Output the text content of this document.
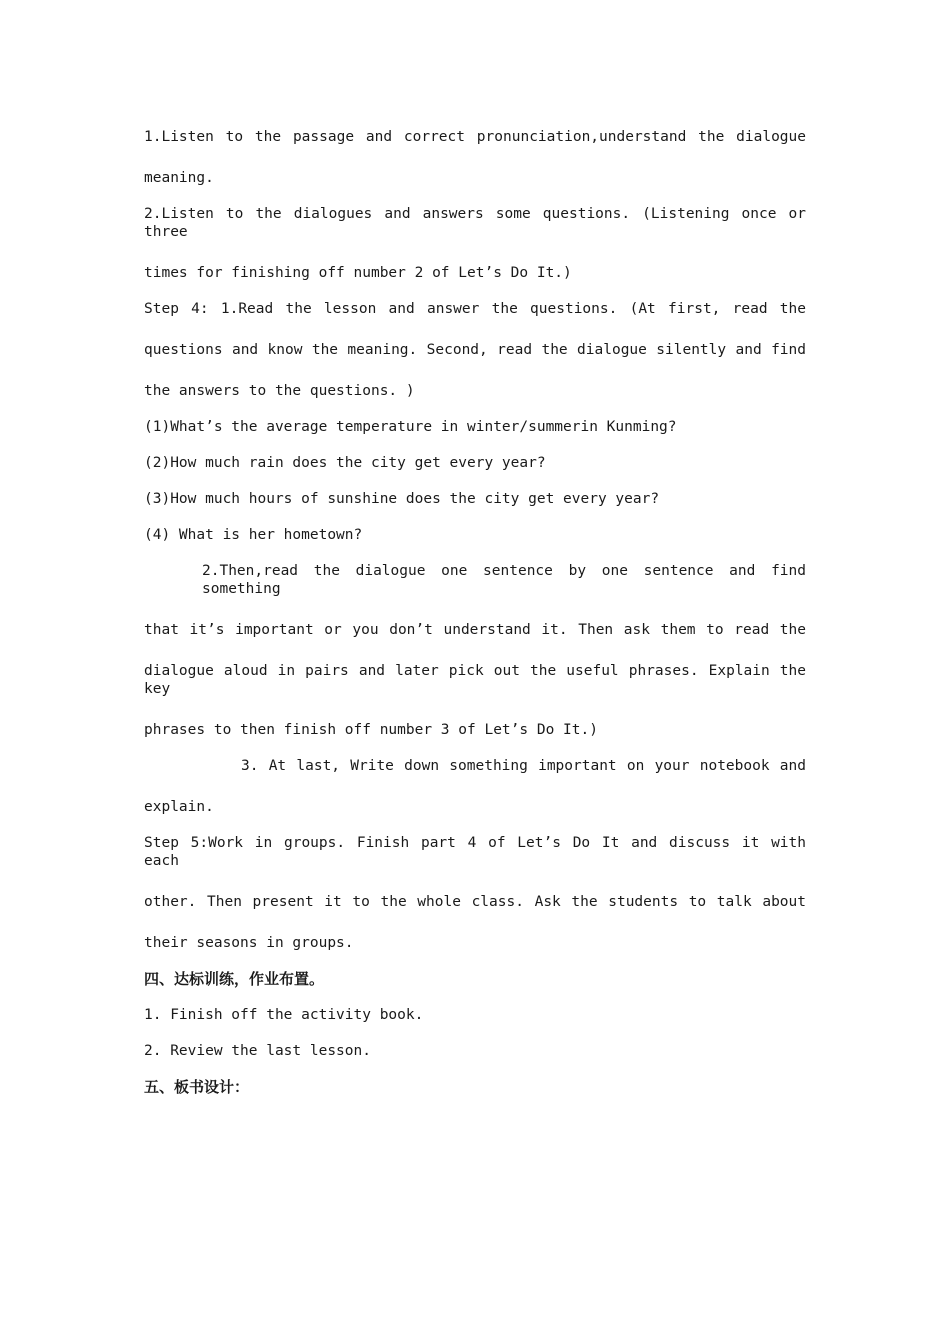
1.Listen to the passage and correct pronunciation,understand the dialogue

meaning.

2.Listen to the dialogues and answers some questions. (Listening once or three

times for finishing off number 2 of Let’s Do It.)

Step 4: 1.Read the lesson and answer the questions. (At first, read the

questions and know the meaning. Second, read the dialogue silently and find

the answers to the questions. )

(1)What’s the average temperature in winter/summerin Kunming?

(2)How much rain does the city get every year?

(3)How much hours of sunshine does the city get every year?

(4) What is her hometown?

2.Then,read the dialogue one sentence by one sentence and find something

that it’s important or you don’t understand it. Then ask them to read the

dialogue aloud in pairs and later pick out the useful phrases. Explain the key

phrases to then finish off number 3 of Let’s Do It.)

3. At last, Write down something important on your notebook and

explain.

Step 5:Work in groups. Finish part 4 of Let’s Do It and discuss it with each

other. Then present it to the whole class. Ask the students to talk about

their seasons in groups.

四、达标训练，作业布置。

1. Finish off the activity book.

2. Review the last lesson.

五、板书设计：
